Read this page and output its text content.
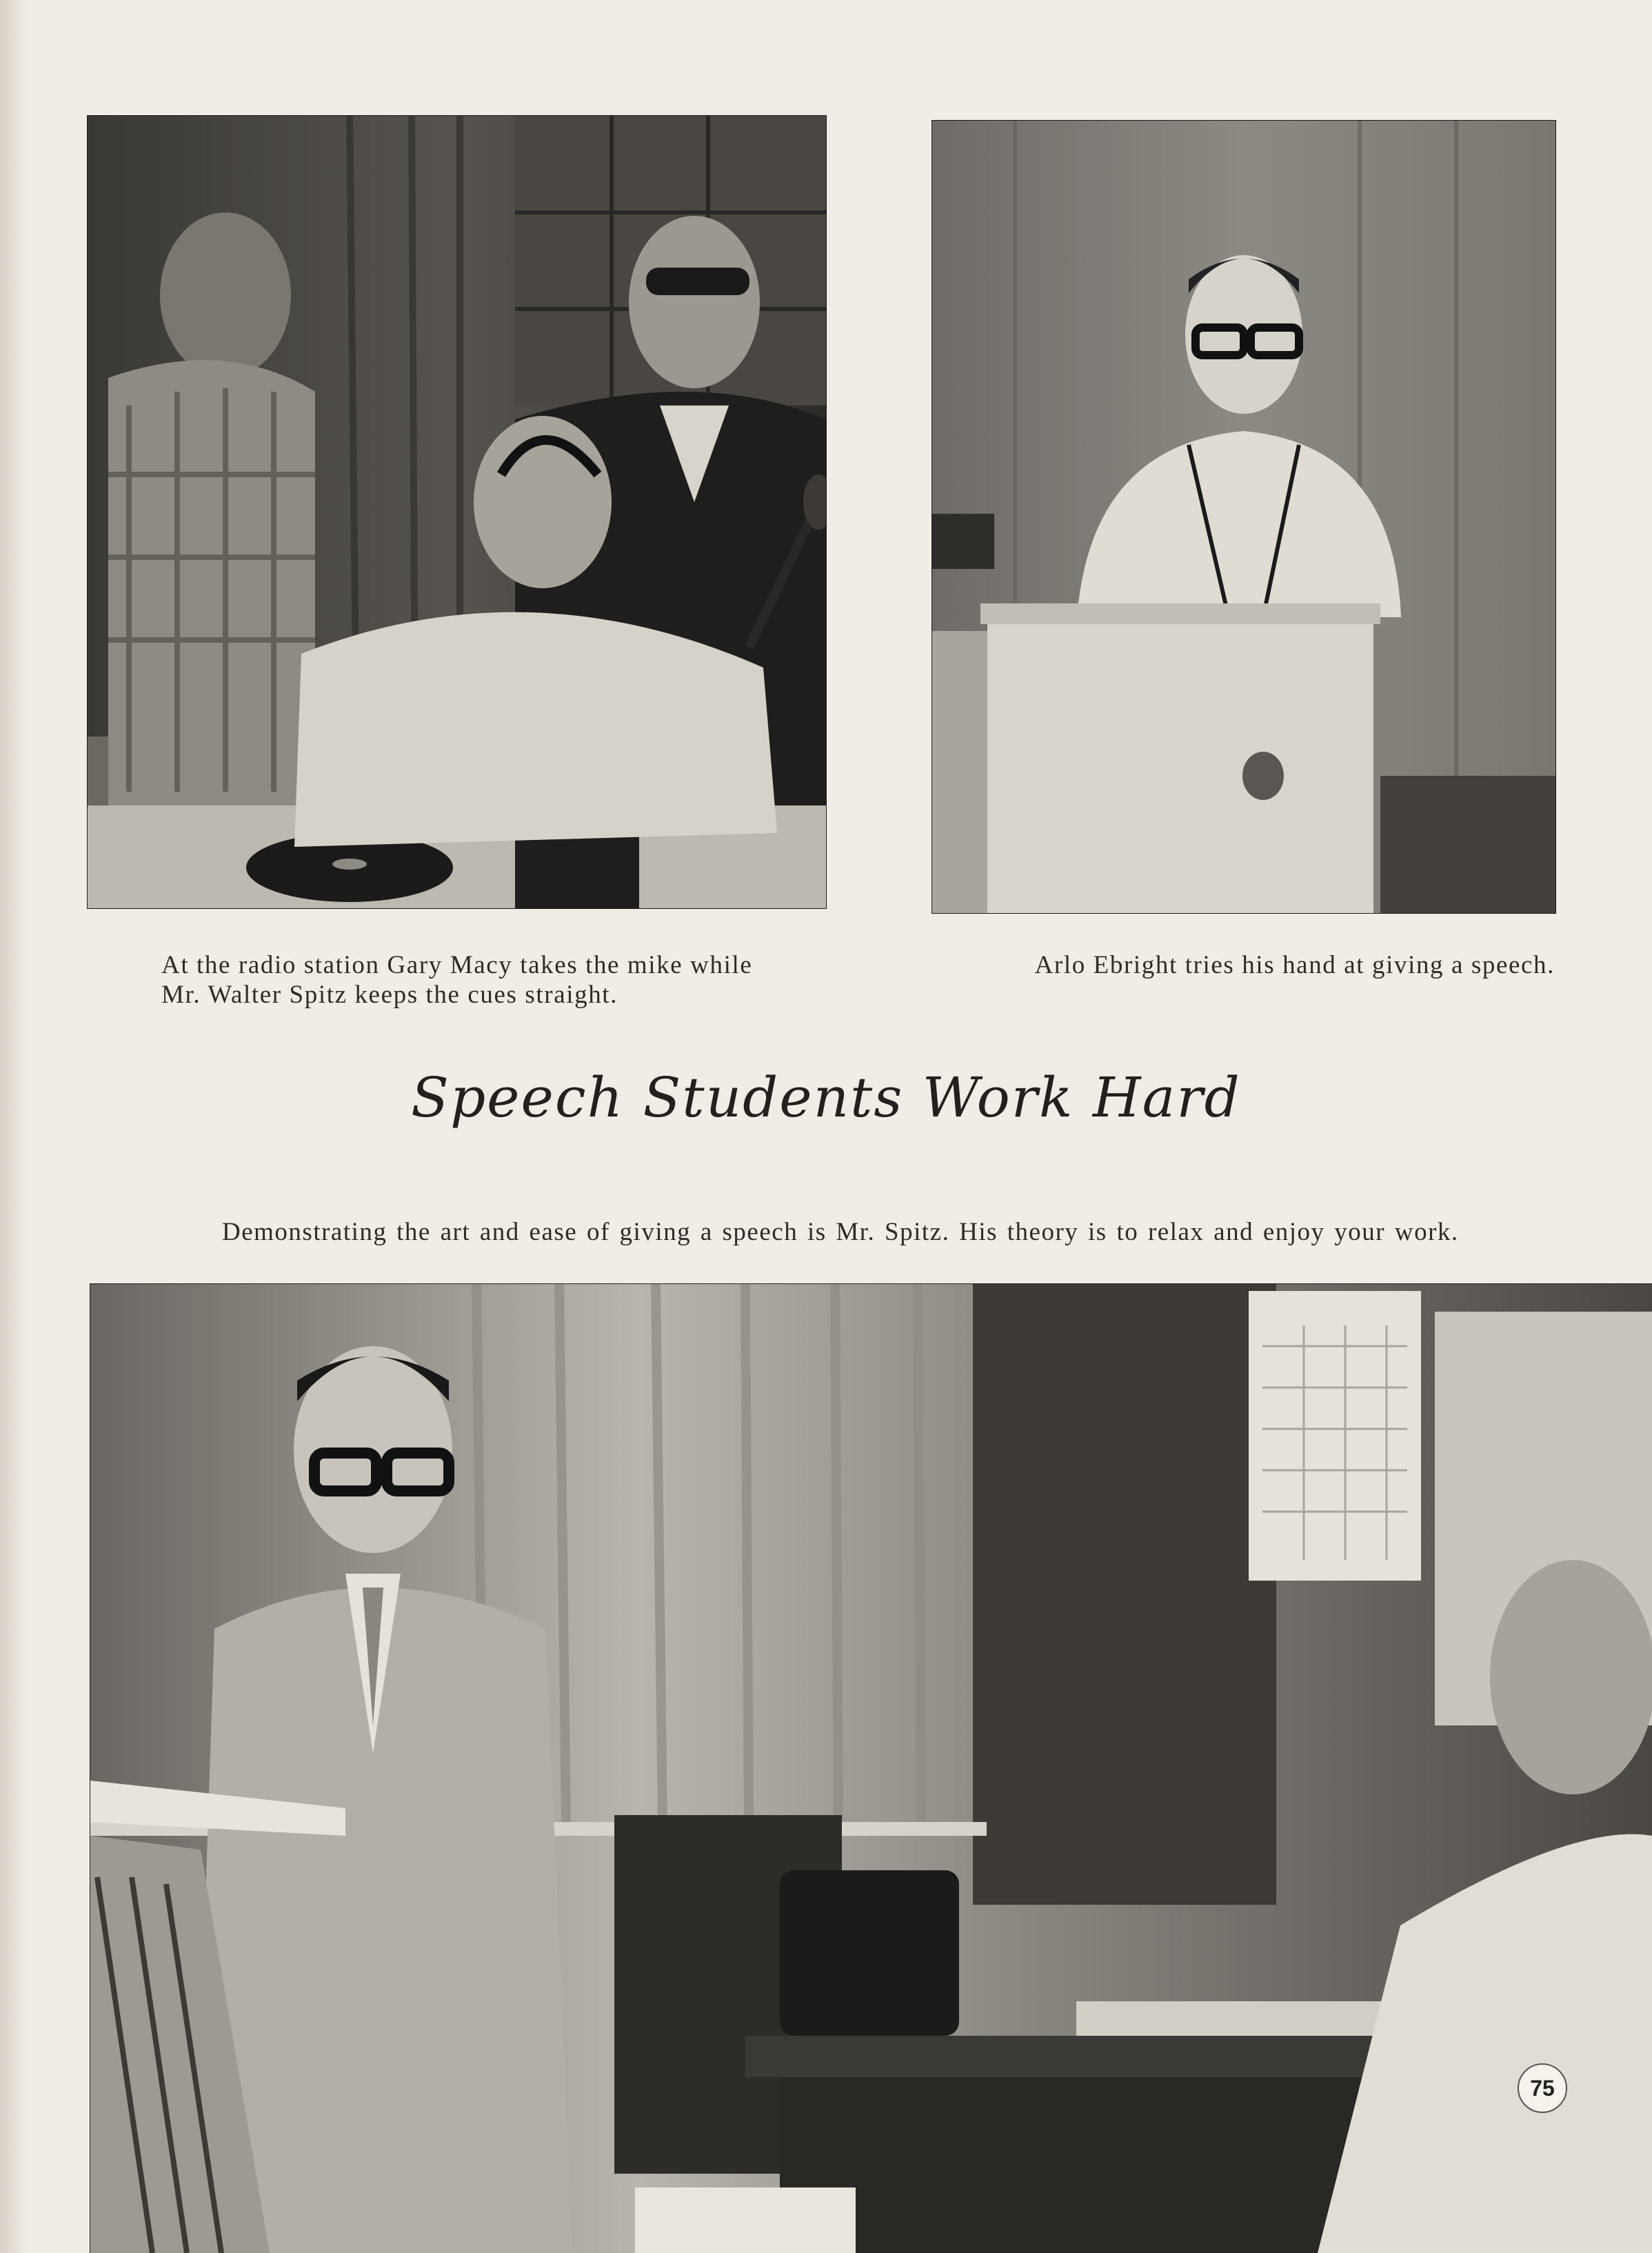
At the radio station Gary Macy takes the mike while
Mr. Walter Spitz keeps the cues straight.
Arlo Ebright tries his hand at giving a speech.
Speech Students Work Hard
Demonstrating the art and ease of giving a speech is Mr. Spitz. His theory is to relax and enjoy your work.
75
